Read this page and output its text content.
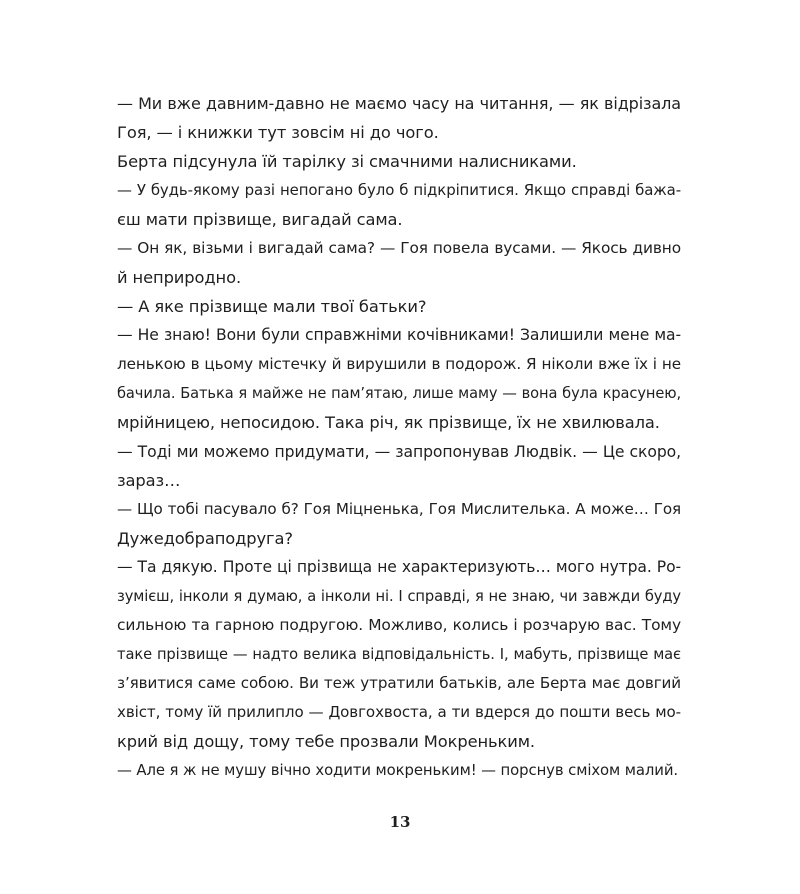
— Ми вже давним-давно не маємо часу на читання, — як відрізала
Гоя, — і книжки тут зовсім ні до чого.
Берта підсунула їй тарілку зі смачними налисниками.
— У будь-якому разі непогано було б підкріпитися. Якщо справді бажа-
єш мати прізвище, вигадай сама.
— Он як, візьми і вигадай сама? — Гоя повела вусами. — Якось дивно
й неприродно.
— А яке прізвище мали твої батьки?
— Не знаю! Вони були справжніми кочівниками! Залишили мене ма-
ленькою в цьому містечку й вирушили в подорож. Я ніколи вже їх і не
бачила. Батька я майже не пам’ятаю, лише маму — вона була красунею,
мрійницею, непосидою. Така річ, як прізвище, їх не хвилювала.
— Тоді ми можемо придумати, — запропонував Людвік. — Це скоро,
зараз…
— Що тобі пасувало б? Гоя Міцненька, Гоя Мислителька. А може… Гоя
Дужедобраподруга?
— Та дякую. Проте ці прізвища не характеризують… мого нутра. Ро-
зумієш, інколи я думаю, а інколи ні. І справді, я не знаю, чи завжди буду
сильною та гарною подругою. Можливо, колись і розчарую вас. Тому
таке прізвище — надто велика відповідальність. І, мабуть, прізвище має
з’явитися саме собою. Ви теж утратили батьків, але Берта має довгий
хвіст, тому їй прилипло — Довгохвоста, а ти вдерся до пошти весь мо-
крий від дощу, тому тебе прозвали Мокреньким.
— Але я ж не мушу вічно ходити мокреньким! — порснув сміхом малий.
13
